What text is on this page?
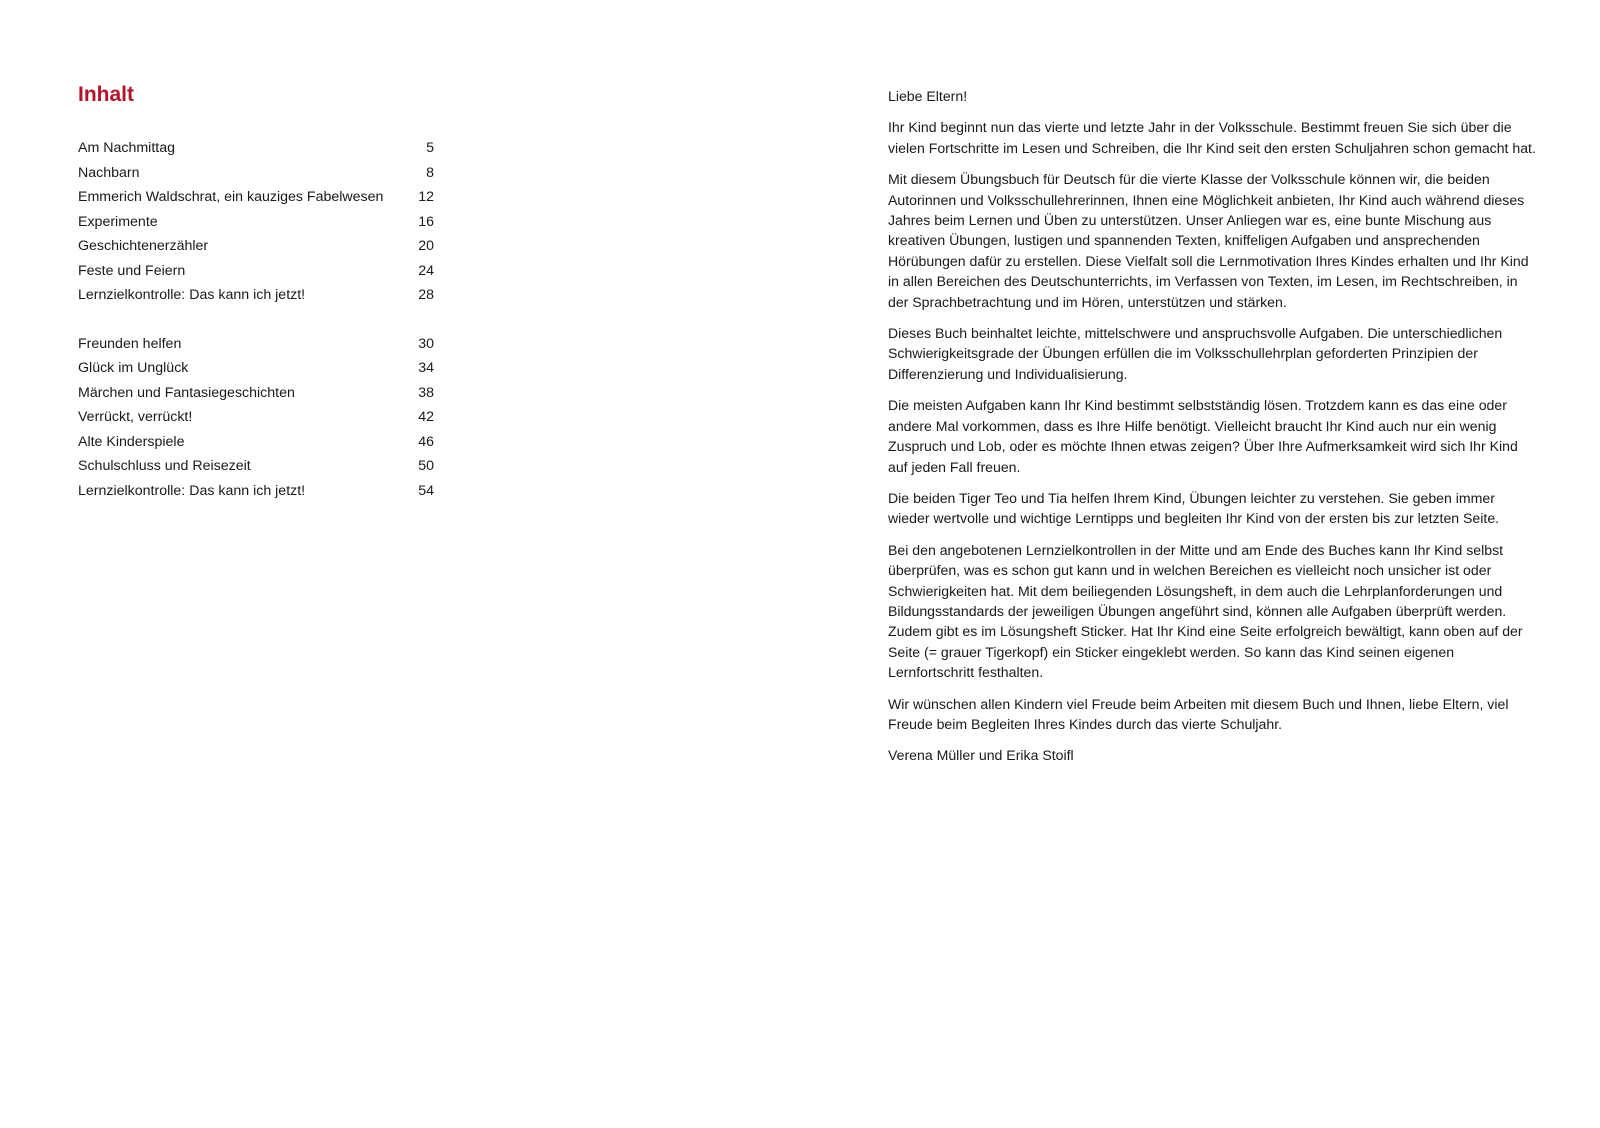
Inhalt
Am Nachmittag	5
Nachbarn	8
Emmerich Waldschrat, ein kauziges Fabelwesen	12
Experimente	16
Geschichtenerzähler	20
Feste und Feiern	24
Lernzielkontrolle: Das kann ich jetzt!	28
Freunden helfen	30
Glück im Unglück	34
Märchen und Fantasiegeschichten	38
Verrückt, verrückt!	42
Alte Kinderspiele	46
Schulschluss und Reisezeit	50
Lernzielkontrolle: Das kann ich jetzt!	54

Liebe Eltern!

Ihr Kind beginnt nun das vierte und letzte Jahr in der Volksschule. Bestimmt freuen Sie sich über die vielen Fortschritte im Lesen und Schreiben, die Ihr Kind seit den ersten Schuljahren schon gemacht hat.

Mit diesem Übungsbuch für Deutsch für die vierte Klasse der Volksschule können wir, die beiden Autorinnen und Volksschullehrerinnen, Ihnen eine Möglichkeit anbieten, Ihr Kind auch während dieses Jahres beim Lernen und Üben zu unterstützen. Unser Anliegen war es, eine bunte Mischung aus kreativen Übungen, lustigen und spannenden Texten, kniffeligen Aufgaben und ansprechenden Hörübungen dafür zu erstellen. Diese Vielfalt soll die Lernmotivation Ihres Kindes erhalten und Ihr Kind in allen Bereichen des Deutschunterrichts, im Verfassen von Texten, im Lesen, im Rechtschreiben, in der Sprachbetrachtung und im Hören, unterstützen und stärken.

Dieses Buch beinhaltet leichte, mittelschwere und anspruchsvolle Aufgaben. Die unterschiedlichen Schwierigkeitsgrade der Übungen erfüllen die im Volksschullehrplan geforderten Prinzipien der Differenzierung und Individualisierung.

Die meisten Aufgaben kann Ihr Kind bestimmt selbstständig lösen. Trotzdem kann es das eine oder andere Mal vorkommen, dass es Ihre Hilfe benötigt. Vielleicht braucht Ihr Kind auch nur ein wenig Zuspruch und Lob, oder es möchte Ihnen etwas zeigen? Über Ihre Aufmerksamkeit wird sich Ihr Kind auf jeden Fall freuen.

Die beiden Tiger Teo und Tia helfen Ihrem Kind, Übungen leichter zu verstehen. Sie geben immer wieder wertvolle und wichtige Lerntipps und begleiten Ihr Kind von der ersten bis zur letzten Seite.

Bei den angebotenen Lernzielkontrollen in der Mitte und am Ende des Buches kann Ihr Kind selbst überprüfen, was es schon gut kann und in welchen Bereichen es vielleicht noch unsicher ist oder Schwierigkeiten hat. Mit dem beiliegenden Lösungsheft, in dem auch die Lehrplanforderungen und Bildungsstandards der jeweiligen Übungen angeführt sind, können alle Aufgaben überprüft werden. Zudem gibt es im Lösungsheft Sticker. Hat Ihr Kind eine Seite erfolgreich bewältigt, kann oben auf der Seite (= grauer Tigerkopf) ein Sticker eingeklebt werden. So kann das Kind seinen eigenen Lernfortschritt festhalten.

Wir wünschen allen Kindern viel Freude beim Arbeiten mit diesem Buch und Ihnen, liebe Eltern, viel Freude beim Begleiten Ihres Kindes durch das vierte Schuljahr.

Verena Müller und Erika Stoifl
